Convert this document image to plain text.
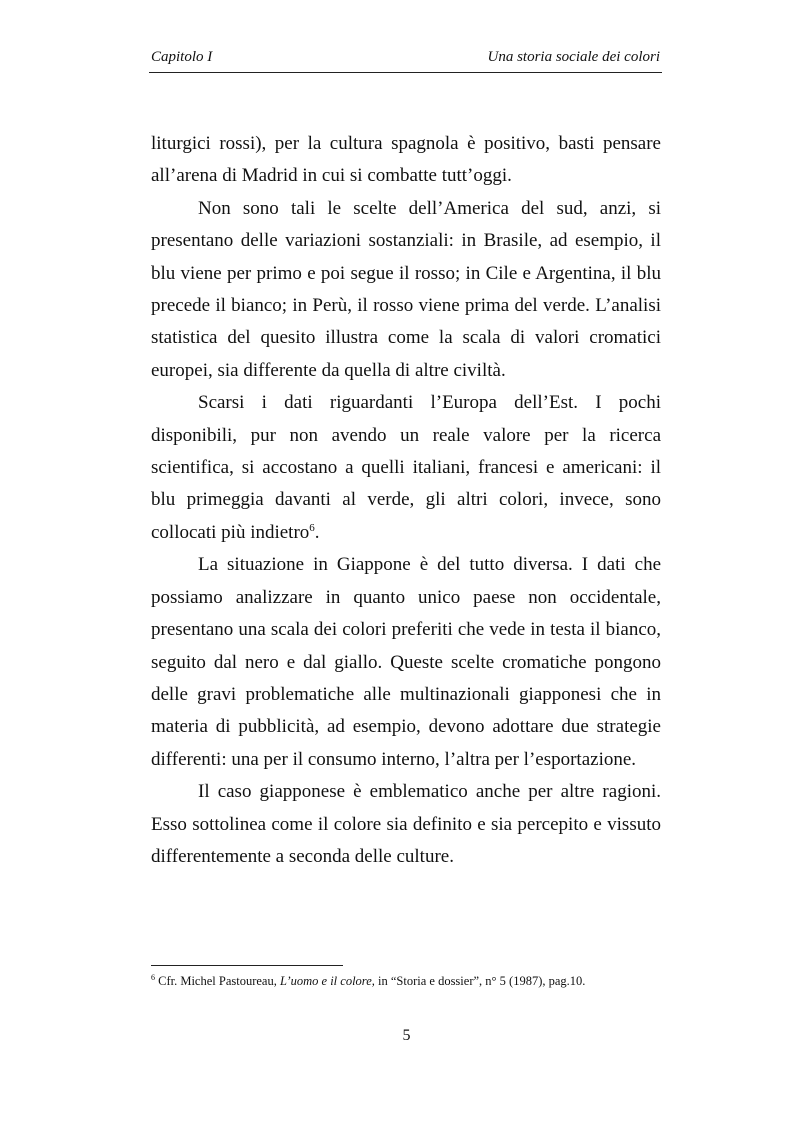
Capitolo I	Una storia sociale dei colori

liturgici rossi), per la cultura spagnola è positivo, basti pensare all’arena di Madrid in cui si combatte tutt’oggi.

Non sono tali le scelte dell’America del sud, anzi, si presentano delle variazioni sostanziali: in Brasile, ad esempio, il blu viene per primo e poi segue il rosso; in Cile e Argentina, il blu precede il bianco; in Perù, il rosso viene prima del verde. L’analisi statistica del quesito illustra come la scala di valori cromatici europei, sia differente da quella di altre civiltà.

Scarsi i dati riguardanti l’Europa dell’Est. I pochi disponibili, pur non avendo un reale valore per la ricerca scientifica, si accostano a quelli italiani, francesi e americani: il blu primeggia davanti al verde, gli altri colori, invece, sono collocati più indietro$^6$.

La situazione in Giappone è del tutto diversa. I dati che possiamo analizzare in quanto unico paese non occidentale, presentano una scala dei colori preferiti che vede in testa il bianco, seguito dal nero e dal giallo. Queste scelte cromatiche pongono delle gravi problematiche alle multinazionali giapponesi che in materia di pubblicità, ad esempio, devono adottare due strategie differenti: una per il consumo interno, l’altra per l’esportazione.

Il caso giapponese è emblematico anche per altre ragioni. Esso sottolinea come il colore sia definito e sia percepito e vissuto differentemente a seconda delle culture.

$^6$ Cfr. Michel Pastoureau, L’uomo e il colore, in “Storia e dossier”, n° 5 (1987), pag.10.
5
